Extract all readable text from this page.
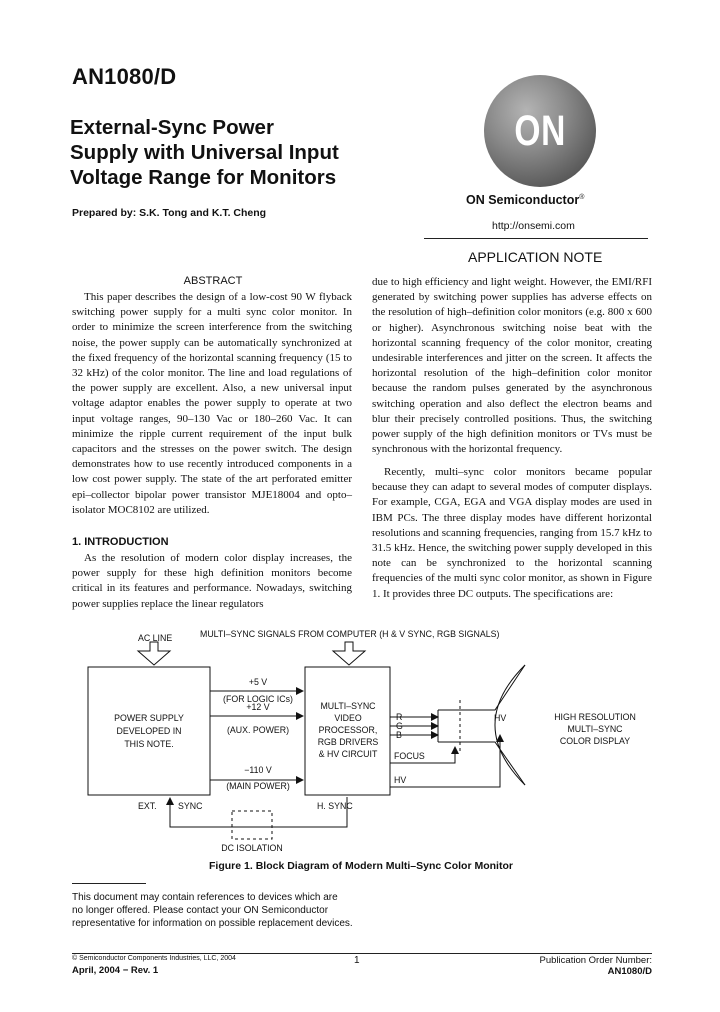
AN1080/D
External-Sync Power
Supply with Universal Input
Voltage Range for Monitors
Prepared by: S.K. Tong and K.T. Cheng
ON
ON Semiconductor®
http://onsemi.com
APPLICATION NOTE
ABSTRACT

This paper describes the design of a low-cost 90 W flyback switching power supply for a multi sync color monitor. In order to minimize the screen interference from the switching noise, the power supply can be automatically synchronized at the fixed frequency of the horizontal scanning frequency (15 to 32 kHz) of the color monitor. The line and load regulations of the power supply are excellent. Also, a new universal input voltage adaptor enables the power supply to operate at two input voltage ranges, 90–130 Vac or 180–260 Vac. It can minimize the ripple current requirement of the input bulk capacitors and the stresses on the power switch. The design demonstrates how to use recently introduced components in a low cost power supply. The state of the art perforated emitter epi–collector bipolar power transistor MJE18004 and opto–isolator MOC8102 are utilized.

1. INTRODUCTION

As the resolution of modern color display increases, the power supply for these high definition monitors become critical in its features and performance. Nowadays, switching power supplies replace the linear regulators

due to high efficiency and light weight. However, the EMI/RFI generated by switching power supplies has adverse effects on the resolution of high–definition color monitors (e.g. 800 x 600 or higher). Asynchronous switching noise beat with the horizontal scanning frequency of the color monitor, creating undesirable interferences and jitter on the screen. It affects the horizontal resolution of the high–definition color monitor because the random pulses generated by the asynchronous switching operation and also deflect the electron beams and blur their precisely controlled positions. Thus, the switching power supply of the high definition monitors or TVs must be synchronous with the horizontal frequency.

Recently, multi–sync color monitors became popular because they can adapt to several modes of computer displays. For example, CGA, EGA and VGA display modes are used in IBM PCs. The three display modes have different horizontal resolutions and scanning frequencies, ranging from 15.7 kHz to 31.5 kHz. Hence, the switching power supply developed in this note can be synchronized to the horizontal scanning frequencies of the multi sync color monitor, as shown in Figure 1. It provides three DC outputs. The specifications are:

MULTI–SYNC SIGNALS FROM COMPUTER (H & V SYNC, RGB SIGNALS)
AC LINE
POWER SUPPLY
DEVELOPED IN
THIS NOTE.
MULTI–SYNC
VIDEO
PROCESSOR,
RGB DRIVERS
& HV CIRCUIT
+5 V
(FOR LOGIC ICs)
+12 V
(AUX. POWER)
−110 V
(MAIN POWER)
R
G
B
FOCUS
HV
HV
EXT. SYNC	H. SYNC
DC ISOLATION
HIGH RESOLUTION
MULTI–SYNC
COLOR DISPLAY
Figure 1. Block Diagram of Modern Multi–Sync Color Monitor
This document may contain references to devices which are
no longer offered. Please contact your ON Semiconductor
representative for information on possible replacement devices.
© Semiconductor Components Industries, LLC, 2004
April, 2004 − Rev. 1
1	Publication Order Number:
AN1080/D
